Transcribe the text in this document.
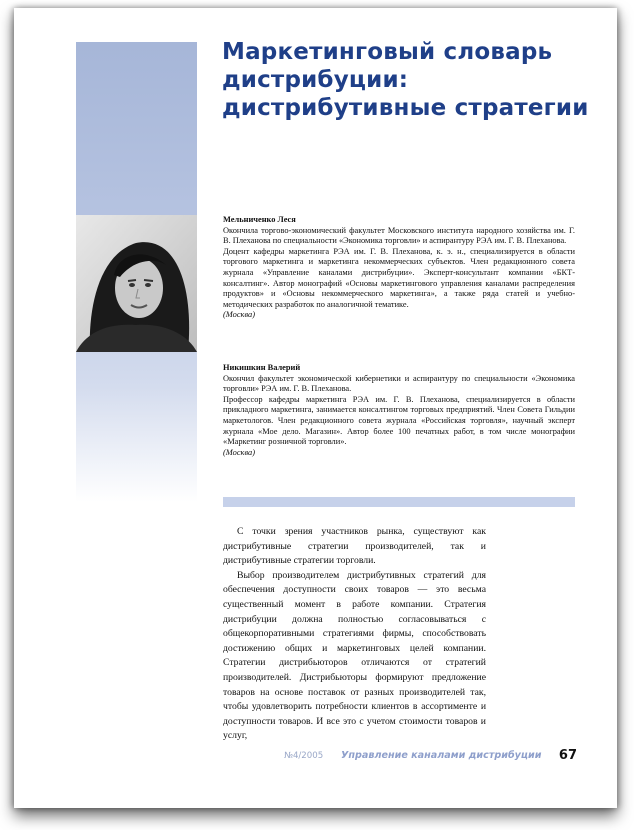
Маркетинговый словарь дистрибуции: дистрибутивные стратегии
Мельниченко Леся
Окончила торгово-экономический факультет Московского института народного хозяйства им. Г. В. Плеханова по специальности «Экономика торговли» и аспирантуру РЭА им. Г. В. Плеханова.
Доцент кафедры маркетинга РЭА им. Г. В. Плеханова, к. э. н., специализируется в области торгового маркетинга и маркетинга некоммерческих субъектов. Член редакционного совета журнала «Управление каналами дистрибуции». Эксперт-консультант компании «БКТ-консалтинг». Автор монографий «Основы маркетингового управления каналами распределения продуктов» и «Основы некоммерческого маркетинга», а также ряда статей и учебно-методических разработок по аналогичной тематике.
(Москва)
Никишкин Валерий
Окончил факультет экономической кибернетики и аспирантуру по специальности «Экономика торговли» РЭА им. Г. В. Плеханова.
Профессор кафедры маркетинга РЭА им. Г. В. Плеханова, специализируется в области прикладного маркетинга, занимается консалтингом торговых предприятий. Член Совета Гильдии маркетологов. Член редакционного совета журнала «Российская торговля», научный эксперт журнала «Мое дело. Магазин». Автор более 100 печатных работ, в том числе монографии «Маркетинг розничной торговли».
(Москва)

С точки зрения участников рынка, существуют как дистрибутивные стратегии производителей, так и дистрибутивные стратегии торговли.

Выбор производителем дистрибутивных стратегий для обеспечения доступности своих товаров — это весьма существенный момент в работе компании. Стратегия дистрибуции должна полностью согласовываться с общекорпоративными стратегиями фирмы, способствовать достижению общих и маркетинговых целей компании. Стратегии дистрибьюторов отличаются от стратегий производителей. Дистрибьюторы формируют предложение товаров на основе поставок от разных производителей так, чтобы удовлетворить потребности клиентов в ассортименте и доступности товаров. И все это с учетом стоимости товаров и услуг,

№4/2005 Управление каналами дистрибуции 67
